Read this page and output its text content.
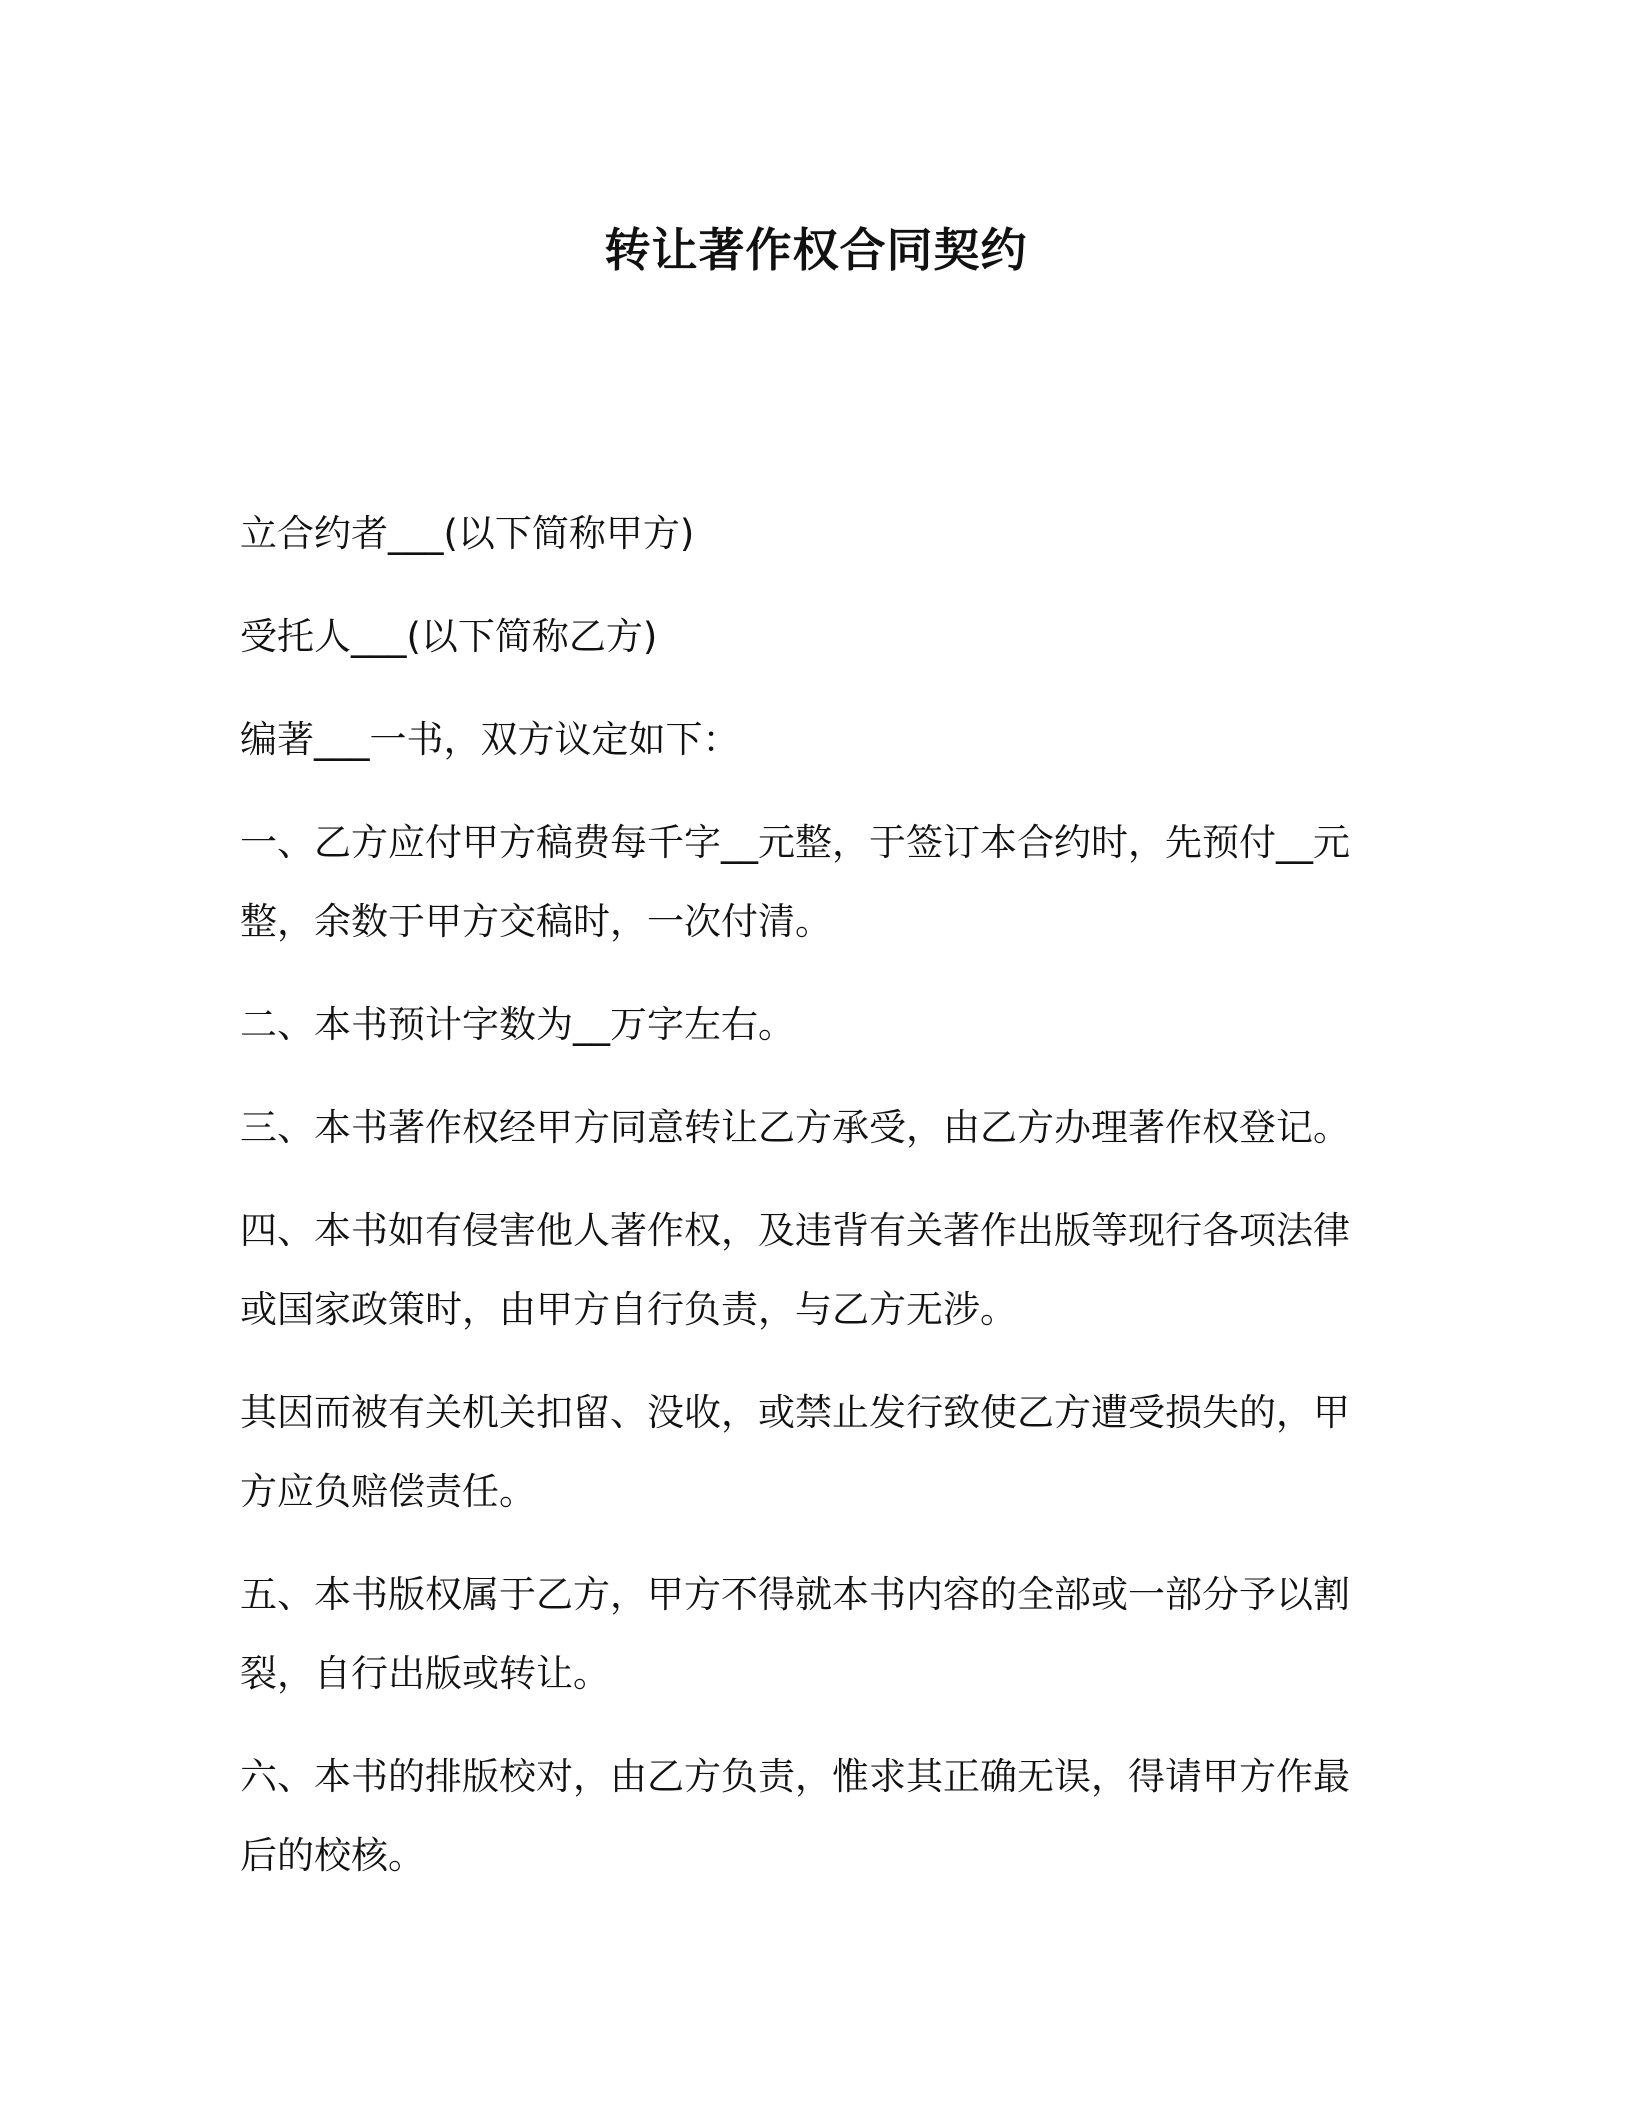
转让著作权合同契约

立合约者___(以下简称甲方)

受托人___(以下简称乙方)

编著___一书，双方议定如下：

一、乙方应付甲方稿费每千字__元整，于签订本合约时，先预付__元整，余数于甲方交稿时，一次付清。

二、本书预计字数为__万字左右。

三、本书著作权经甲方同意转让乙方承受，由乙方办理著作权登记。

四、本书如有侵害他人著作权，及违背有关著作出版等现行各项法律或国家政策时，由甲方自行负责，与乙方无涉。

其因而被有关机关扣留、没收，或禁止发行致使乙方遭受损失的，甲方应负赔偿责任。

五、本书版权属于乙方，甲方不得就本书内容的全部或一部分予以割裂，自行出版或转让。

六、本书的排版校对，由乙方负责，惟求其正确无误，得请甲方作最后的校核。
